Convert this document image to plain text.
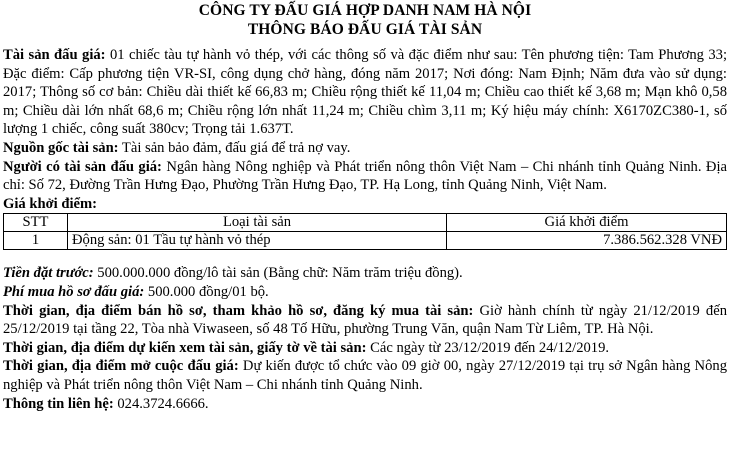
CÔNG TY ĐẤU GIÁ HỢP DANH NAM HÀ NỘI
THÔNG BÁO ĐẤU GIÁ TÀI SẢN

Tài sản đấu giá: 01 chiếc tàu tự hành vỏ thép, với các thông số và đặc điểm như sau: Tên phương tiện: Tam Phương 33; Đặc điểm: Cấp phương tiện VR-SI, công dụng chở hàng, đóng năm 2017; Nơi đóng: Nam Định; Năm đưa vào sử dụng: 2017; Thông số cơ bản: Chiều dài thiết kế 66,83 m; Chiều rộng thiết kế 11,04 m; Chiều cao thiết kế 3,68 m; Mạn khô 0,58 m; Chiều dài lớn nhất 68,6 m; Chiều rộng lớn nhất 11,24 m; Chiều chìm 3,11 m; Ký hiệu máy chính: X6170ZC380-1, số lượng 1 chiếc, công suất 380cv; Trọng tải 1.637T.

Nguồn gốc tài sản: Tài sản bảo đảm, đấu giá để trả nợ vay.

Người có tài sản đấu giá: Ngân hàng Nông nghiệp và Phát triển nông thôn Việt Nam – Chi nhánh tỉnh Quảng Ninh. Địa chỉ: Số 72, Đường Trần Hưng Đạo, Phường Trần Hưng Đạo, TP. Hạ Long, tỉnh Quảng Ninh, Việt Nam.

Giá khởi điểm:

STT	Loại tài sản	Giá khởi điểm
1	Động sản: 01 Tầu tự hành vỏ thép	7.386.562.328 VNĐ

Tiền đặt trước: 500.000.000 đồng/lô tài sản (Bằng chữ: Năm trăm triệu đồng).

Phí mua hồ sơ đấu giá: 500.000 đồng/01 bộ.

Thời gian, địa điểm bán hồ sơ, tham khảo hồ sơ, đăng ký mua tài sản: Giờ hành chính từ ngày 21/12/2019 đến 25/12/2019 tại tầng 22, Tòa nhà Viwaseen, số 48 Tố Hữu, phường Trung Văn, quận Nam Từ Liêm, TP. Hà Nội.

Thời gian, địa điểm dự kiến xem tài sản, giấy tờ về tài sản: Các ngày từ 23/12/2019 đến 24/12/2019.

Thời gian, địa điểm mở cuộc đấu giá: Dự kiến được tổ chức vào 09 giờ 00, ngày 27/12/2019 tại trụ sở Ngân hàng Nông nghiệp và Phát triển nông thôn Việt Nam – Chi nhánh tỉnh Quảng Ninh.

Thông tin liên hệ: 024.3724.6666.
